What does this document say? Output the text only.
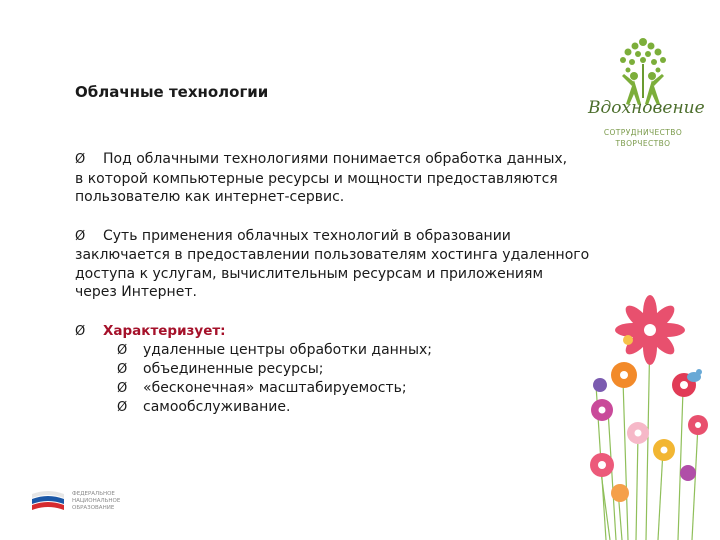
Облачные технологии

Ø Под облачными технологиями понимается обработка данных,
в которой компьютерные ресурсы и мощности предоставляются
пользователю как интернет-сервис.

Ø Суть применения облачных технологий в образовании
заключается в предоставлении пользователям хостинга удаленного
доступа к услугам, вычислительным ресурсам и приложениям
через Интернет.

Ø Характеризует:

Ø удаленные центры обработки данных;
Ø объединенные ресурсы;
Ø «бесконечная» масштабируемость;
Ø самообслуживание.
Вдохновение
СОТРУДНИЧЕСТВО
ТВОРЧЕСТВО
ФЕДЕРАЛЬНОЕ
НАЦИОНАЛЬНОЕ
ОБРАЗОВАНИЕ
